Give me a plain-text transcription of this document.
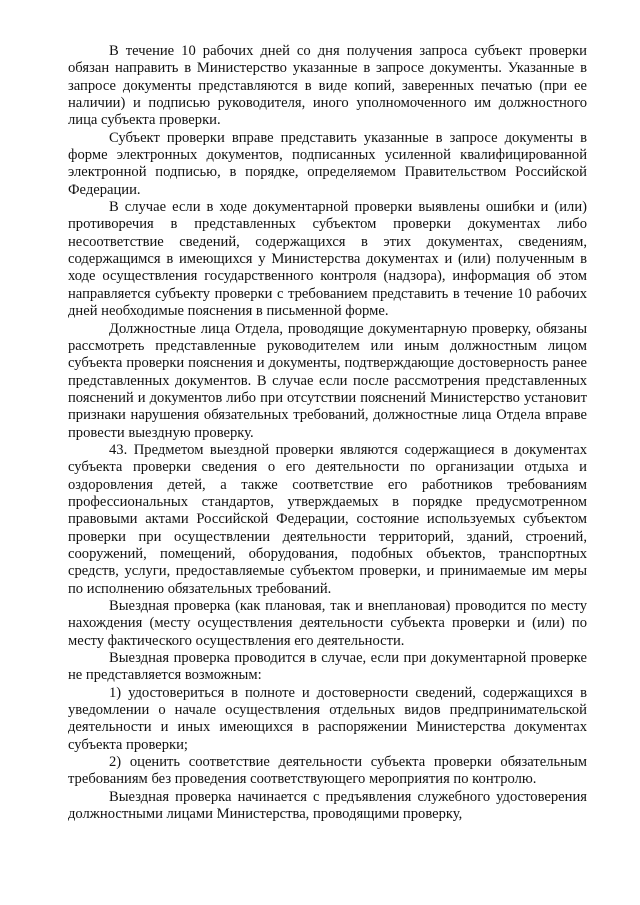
В течение 10 рабочих дней со дня получения запроса субъект проверки обязан направить в Министерство указанные в запросе документы. Указанные в запросе документы представляются в виде копий, заверенных печатью (при ее наличии) и подписью руководителя, иного уполномоченного им должностного лица субъекта проверки.

Субъект проверки вправе представить указанные в запросе документы в форме электронных документов, подписанных усиленной квалифицированной электронной подписью, в порядке, определяемом Правительством Российской Федерации.

В случае если в ходе документарной проверки выявлены ошибки и (или) противоречия в представленных субъектом проверки документах либо несоответствие сведений, содержащихся в этих документах, сведениям, содержащимся в имеющихся у Министерства документах и (или) полученным в ходе осуществления государственного контроля (надзора), информация об этом направляется субъекту проверки с требованием представить в течение 10 рабочих дней необходимые пояснения в письменной форме.

Должностные лица Отдела, проводящие документарную проверку, обязаны рассмотреть представленные руководителем или иным должностным лицом субъекта проверки пояснения и документы, подтверждающие достоверность ранее представленных документов. В случае если после рассмотрения представленных пояснений и документов либо при отсутствии пояснений Министерство установит признаки нарушения обязательных требований, должностные лица Отдела вправе провести выездную проверку.

43. Предметом выездной проверки являются содержащиеся в документах субъекта проверки сведения о его деятельности по организации отдыха и оздоровления детей, а также соответствие его работников требованиям профессиональных стандартов, утверждаемых в порядке предусмотренном правовыми актами Российской Федерации, состояние используемых субъектом проверки при осуществлении деятельности территорий, зданий, строений, сооружений, помещений, оборудования, подобных объектов, транспортных средств, услуги, предоставляемые субъектом проверки, и принимаемые им меры по исполнению обязательных требований.

Выездная проверка (как плановая, так и внеплановая) проводится по месту нахождения (месту осуществления деятельности субъекта проверки и (или) по месту фактического осуществления его деятельности.

Выездная проверка проводится в случае, если при документарной проверке не представляется возможным:

1) удостовериться в полноте и достоверности сведений, содержащихся в уведомлении о начале осуществления отдельных видов предпринимательской деятельности и иных имеющихся в распоряжении Министерства документах субъекта проверки;

2) оценить соответствие деятельности субъекта проверки обязательным требованиям без проведения соответствующего мероприятия по контролю.

Выездная проверка начинается с предъявления служебного удостоверения должностными лицами Министерства, проводящими проверку,
